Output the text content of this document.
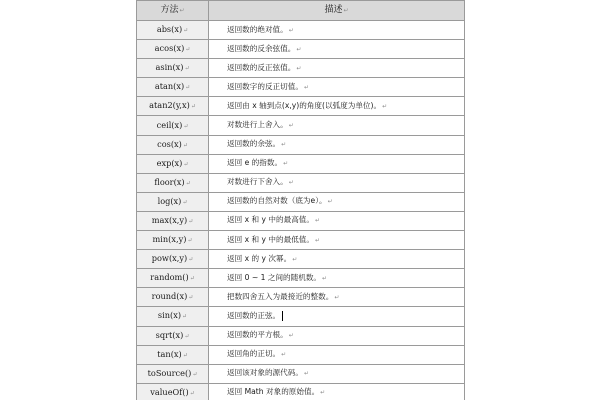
方法↵	描述↵
abs(x)↵	返回数的绝对值。↵
acos(x)↵	返回数的反余弦值。↵
asin(x)↵	返回数的反正弦值。↵
atan(x)↵	返回数字的反正切值。↵
atan2(y,x)↵	返回由 x 轴到点(x,y)的角度(以弧度为单位)。↵
ceil(x)↵	对数进行上舍入。↵
cos(x)↵	返回数的余弦。↵
exp(x)↵	返回 e 的指数。↵
floor(x)↵	对数进行下舍入。↵
log(x)↵	返回数的自然对数（底为e）。↵
max(x,y)↵	返回 x 和 y 中的最高值。↵
min(x,y)↵	返回 x 和 y 中的最低值。↵
pow(x,y)↵	返回 x 的 y 次幂。↵
random()↵	返回 0 ~ 1 之间的随机数。↵
round(x)↵	把数四舍五入为最接近的整数。↵
sin(x)↵	返回数的正弦。
sqrt(x)↵	返回数的平方根。↵
tan(x)↵	返回角的正切。↵
toSource()↵	返回该对象的源代码。↵
valueOf()↵	返回 Math 对象的原始值。↵
